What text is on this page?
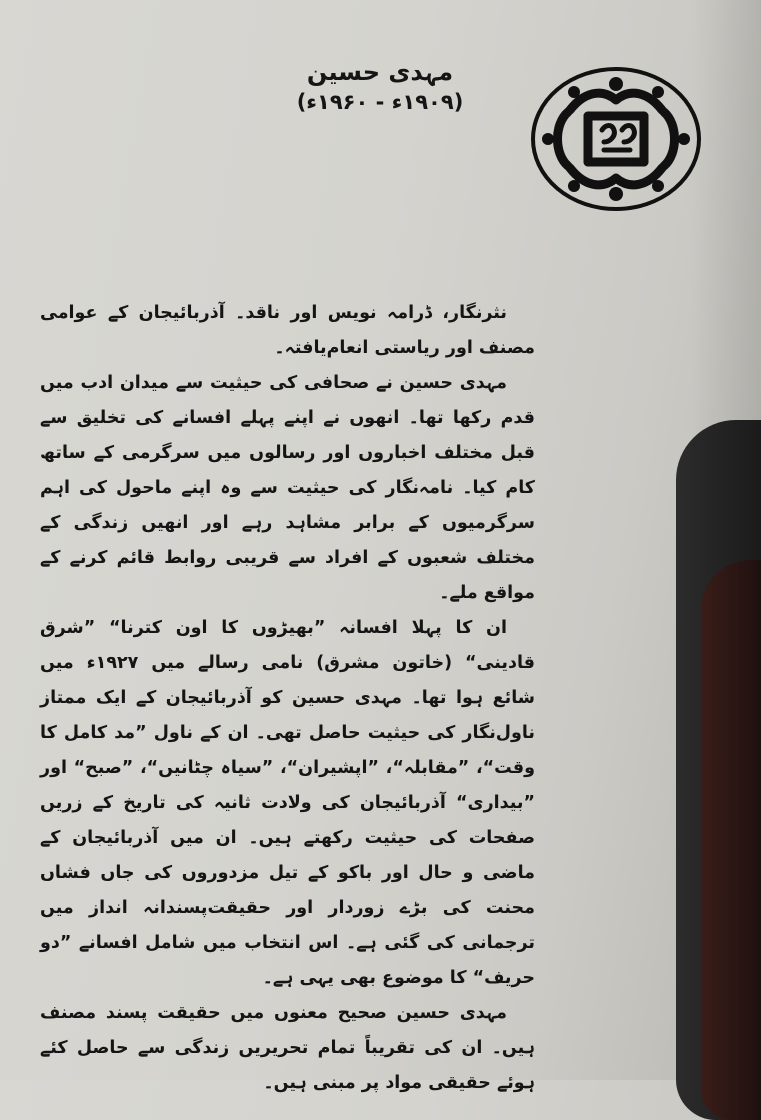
مہدی حسین
(۱۹۰۹ء - ۱۹۶۰ء)

نثرنگار، ڈرامہ نویس اور ناقد۔ آذربائیجان کے عوامی مصنف اور ریاستی انعام‌یافتہ۔

مہدی حسین نے صحافی کی حیثیت سے میدان ادب میں قدم رکھا تھا۔ انھوں نے اپنے پہلے افسانے کی تخلیق سے قبل مختلف اخباروں اور رسالوں میں سرگرمی کے ساتھ کام کیا۔ نامہ‌نگار کی حیثیت سے وہ اپنے ماحول کی اہم سرگرمیوں کے برابر مشاہد رہے اور انھیں زندگی کے مختلف شعبوں کے افراد سے قریبی روابط قائم کرنے کے مواقع ملے۔

ان کا پہلا افسانہ ”بھیڑوں کا اون کترنا“ ”شرق قادینی“ (خاتون مشرق) نامی رسالے میں ۱۹۲۷ء میں شائع ہوا تھا۔ مہدی حسین کو آذربائیجان کے ایک ممتاز ناول‌نگار کی حیثیت حاصل تھی۔ ان کے ناول ”مد کامل کا وقت“، ”مقابلہ“، ”اپشیران“، ”سیاہ چٹانیں“، ”صبح“ اور ”بیداری“ آذربائیجان کی ولادت ثانیہ کی تاریخ کے زریں صفحات کی حیثیت رکھتے ہیں۔ ان میں آذربائیجان کے ماضی و حال اور باکو کے تیل مزدوروں کی جاں فشاں محنت کی بڑے زوردار اور حقیقت‌پسندانہ انداز میں ترجمانی کی گئی ہے۔ اس انتخاب میں شامل افسانے ”دو حریف“ کا موضوع بھی یہی ہے۔

مہدی حسین صحیح معنوں میں حقیقت پسند مصنف ہیں۔ ان کی تقریباً تمام تحریریں زندگی سے حاصل کئے ہوئے حقیقی مواد پر مبنی ہیں۔
